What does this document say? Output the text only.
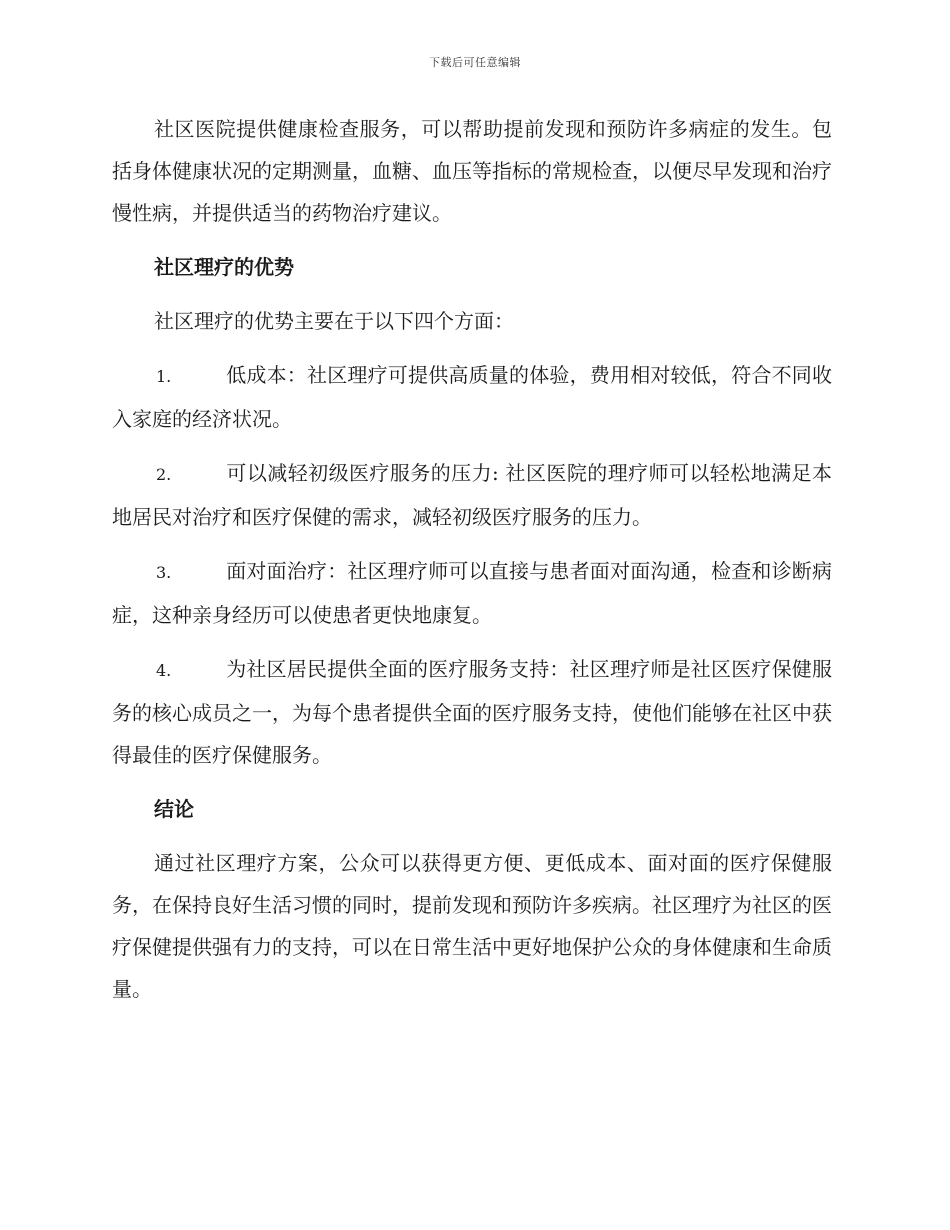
下载后可任意编辑

社区医院提供健康检查服务，可以帮助提前发现和预防许多病症的发生。包括身体健康状况的定期测量，血糖、血压等指标的常规检查，以便尽早发现和治疗慢性病，并提供适当的药物治疗建议。

社区理疗的优势

社区理疗的优势主要在于以下四个方面：

1.	低成本：社区理疗可提供高质量的体验，费用相对较低，符合不同收入家庭的经济状况。
2.	可以减轻初级医疗服务的压力: 社区医院的理疗师可以轻松地满足本地居民对治疗和医疗保健的需求，减轻初级医疗服务的压力。
3.	面对面治疗：社区理疗师可以直接与患者面对面沟通，检查和诊断病症，这种亲身经历可以使患者更快地康复。
4.	为社区居民提供全面的医疗服务支持：社区理疗师是社区医疗保健服务的核心成员之一，为每个患者提供全面的医疗服务支持，使他们能够在社区中获得最佳的医疗保健服务。
结论

通过社区理疗方案，公众可以获得更方便、更低成本、面对面的医疗保健服务，在保持良好生活习惯的同时，提前发现和预防许多疾病。社区理疗为社区的医疗保健提供强有力的支持，可以在日常生活中更好地保护公众的身体健康和生命质量。
